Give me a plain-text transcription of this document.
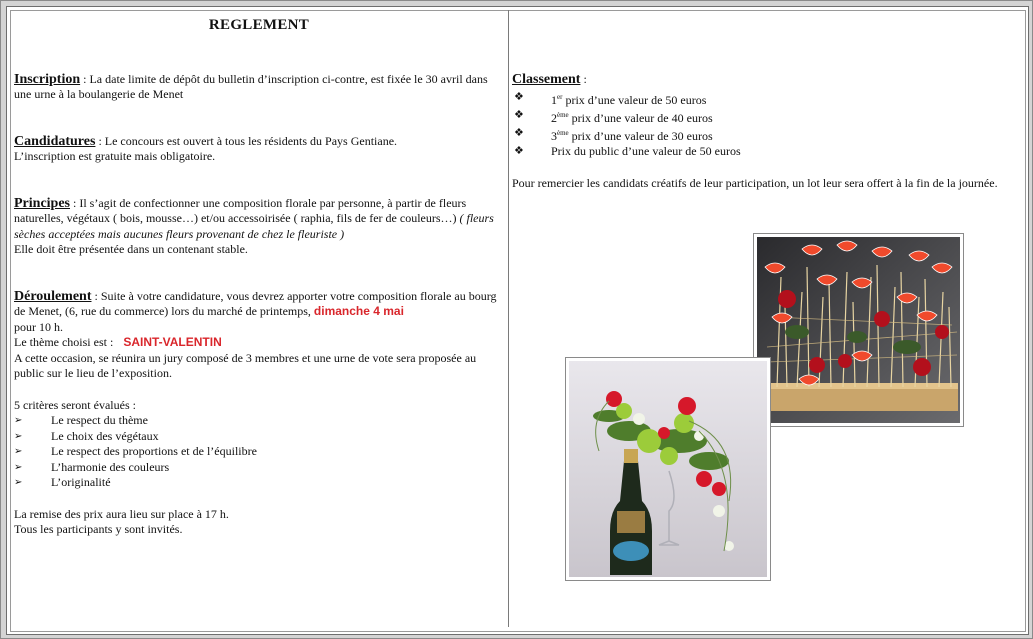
REGLEMENT

Inscription : La date limite de dépôt du bulletin d’inscription ci-contre, est fixée le 30 avril dans une urne à la boulangerie de Menet

Candidatures : Le concours est ouvert à tous les résidents du Pays Gentiane.
L’inscription est gratuite mais obligatoire.

Principes : Il s’agit de confectionner une composition florale par personne, à partir de fleurs naturelles, végétaux ( bois, mousse…) et/ou accessoirisée ( raphia, fils de fer de couleurs…) ( fleurs sèches acceptées mais aucunes fleurs provenant de chez le fleuriste )
Elle doit être présentée dans un contenant stable.

Déroulement : Suite à votre candidature, vous devrez apporter votre composition florale au bourg de Menet, (6, rue du commerce) lors du marché de printemps, dimanche 4 mai
pour 10 h.
Le thème choisi est : SAINT-VALENTIN
A cette occasion, se réunira un jury composé de 3 membres et une urne de vote sera proposée au public sur le lieu de l’exposition.

5 critères seront évalués :

➢	Le respect du thème
➢	Le choix des végétaux
➢	Le respect des proportions et de l’équilibre
➢	L’harmonie des couleurs
➢	L’originalité

La remise des prix aura lieu sur place à 17 h.
Tous les participants y sont invités.

Classement :

❖	1er prix d’une valeur de 50 euros
❖	2ème prix d’une valeur de 40 euros
❖	3ème prix d’une valeur de 30 euros
❖	Prix du public d’une valeur de 50 euros

Pour remercier les candidats créatifs de leur participation, un lot leur sera offert à la fin de la journée.
